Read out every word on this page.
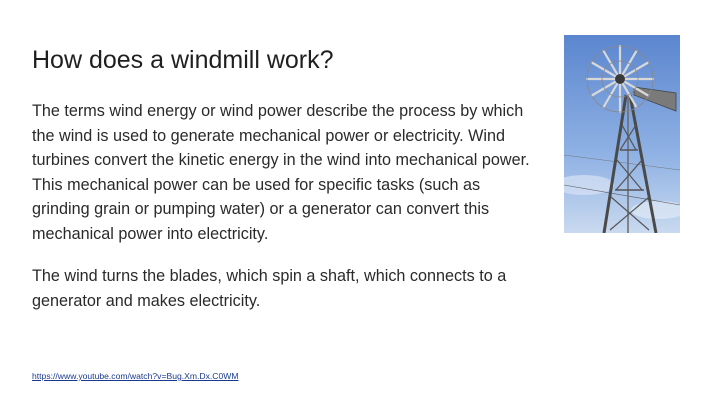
How does a windmill work?

The terms wind energy or wind power describe the process by which the wind is used to generate mechanical power or electricity. Wind turbines convert the kinetic energy in the wind into mechanical power. This mechanical power can be used for specific tasks (such as grinding grain or pumping water) or a generator can convert this mechanical power into electricity.

The wind turns the blades, which spin a shaft, which connects to a generator and makes electricity.

https://www.youtube.com/watch?v=Bug.Xm.Dx.C0WM
